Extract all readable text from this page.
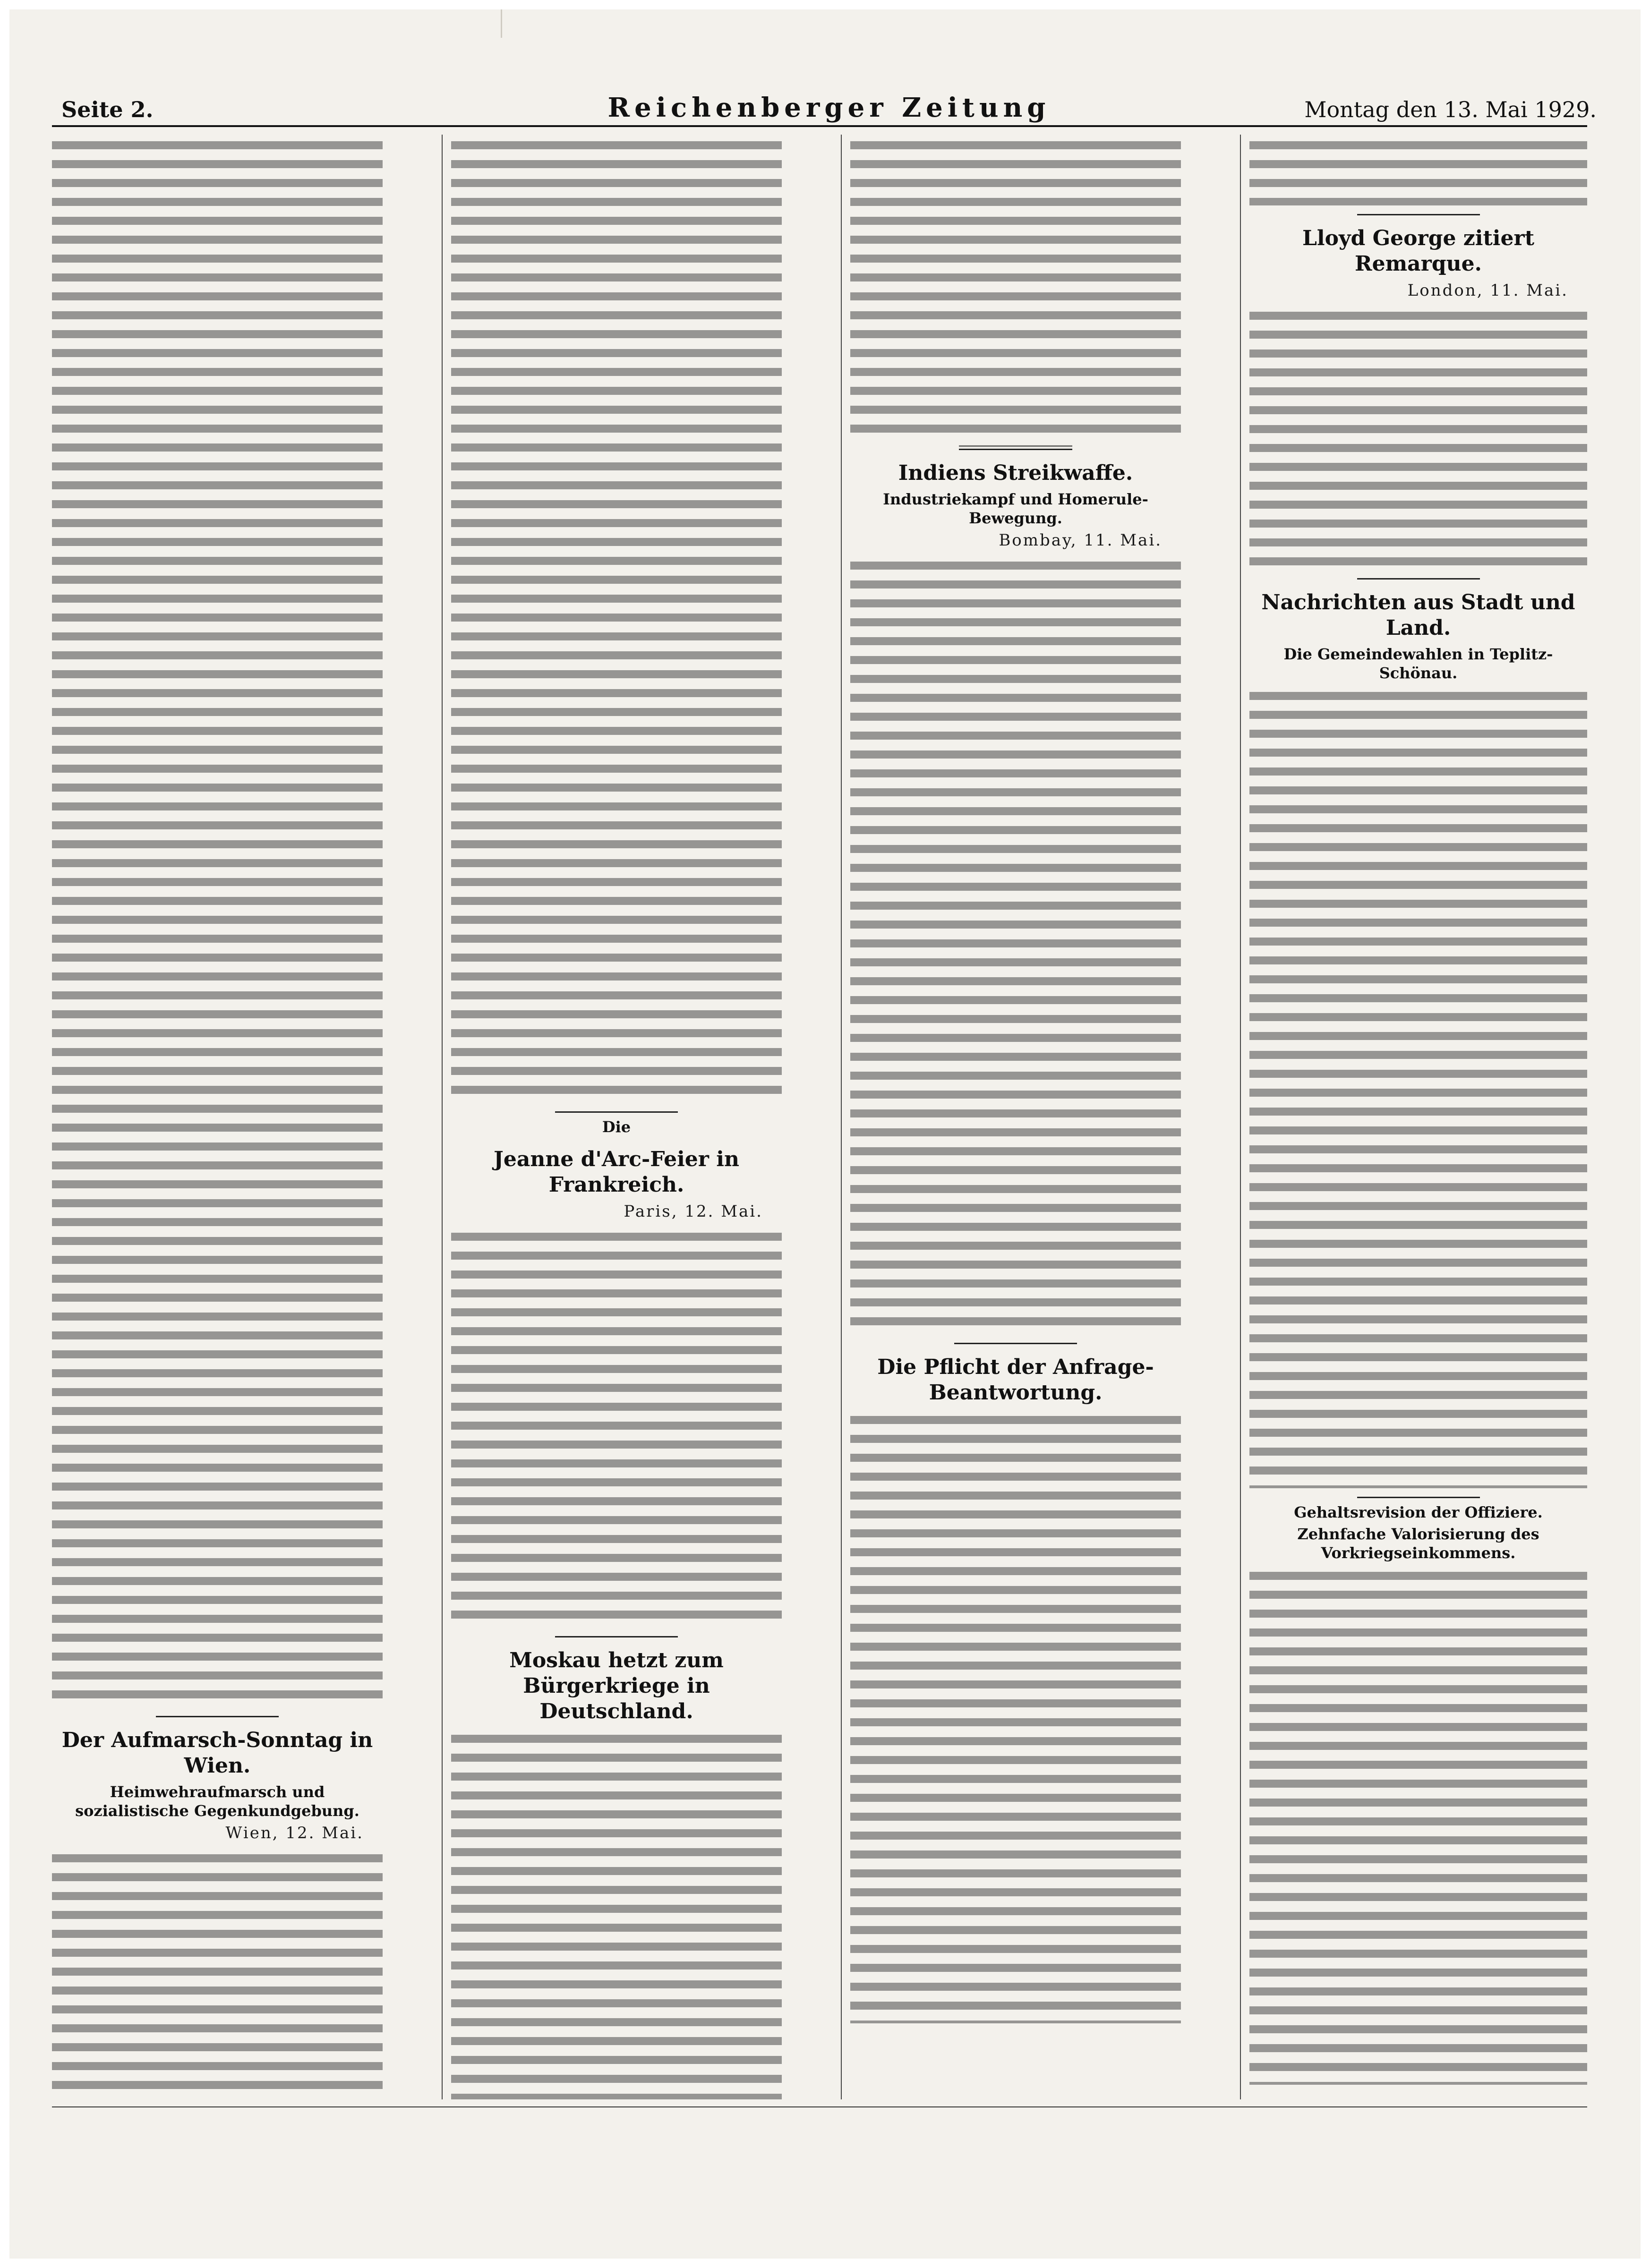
Seite 2.	Reichenberger Zeitung	Montag den 13. Mai 1929.
Der Aufmarsch-Sonntag in Wien.
Heimwehraufmarsch und sozialistische Gegenkundgebung.
Wien, 12. Mai.
Die
Jeanne d'Arc-Feier in Frankreich.
Paris, 12. Mai.
Moskau hetzt zum Bürgerkriege in Deutschland.
Indiens Streikwaffe.
Industriekampf und Homerule-Bewegung.
Bombay, 11. Mai.
Die Pflicht der Anfrage-Beantwortung.
Lloyd George zitiert Remarque.
London, 11. Mai.
Nachrichten aus Stadt und Land.
Die Gemeindewahlen in Teplitz-Schönau.
Gehaltsrevision der Offiziere.
Zehnfache Valorisierung des Vorkriegseinkommens.
